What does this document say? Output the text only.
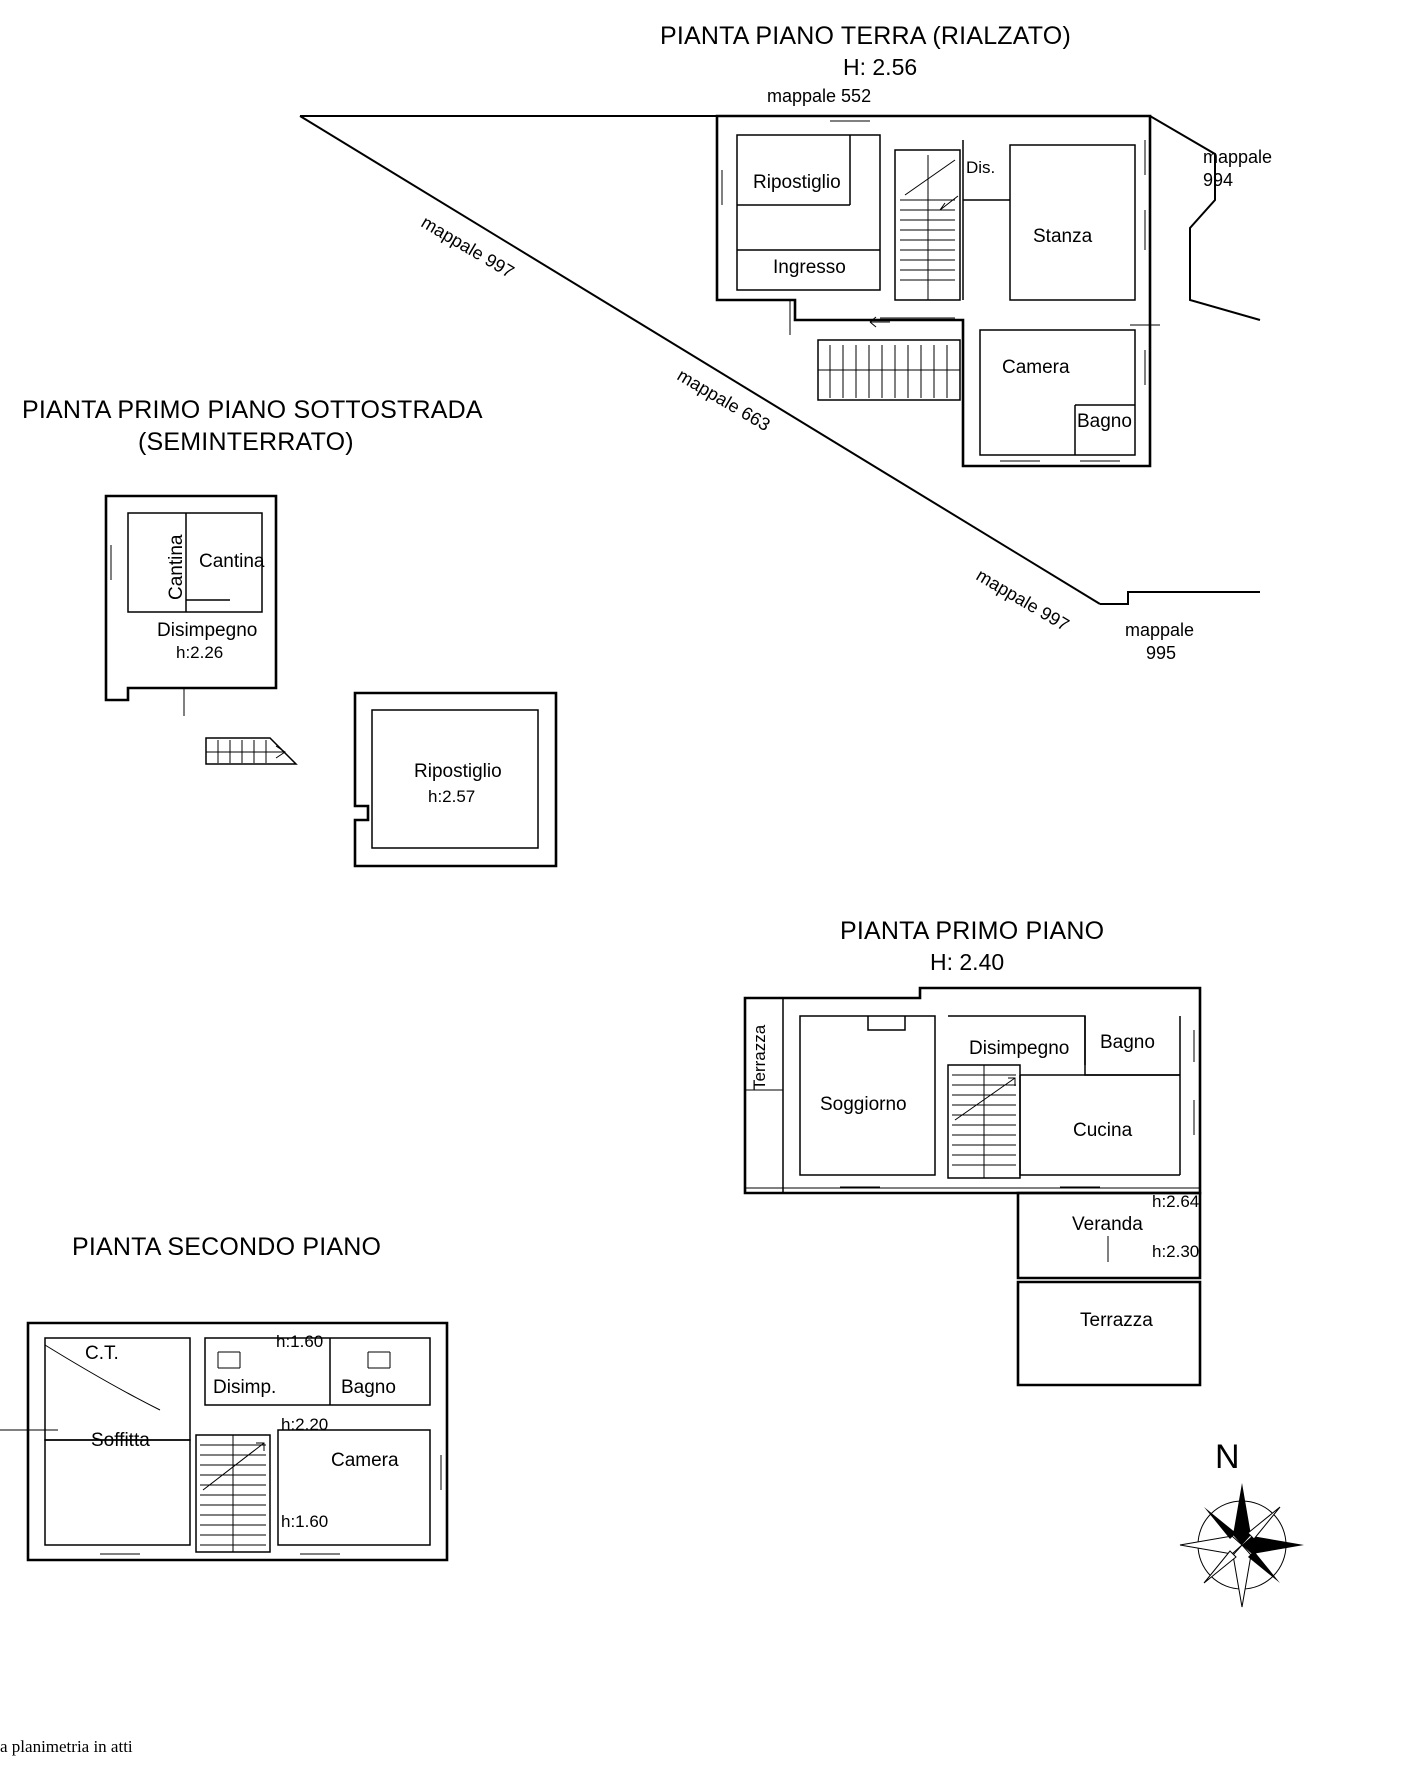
PIANTA PIANO TERRA (RIALZATO)
H: 2.56
mappale 552
Ripostiglio
Ingresso
Dis.
Stanza
Camera
Bagno
mappale 997
mappale 663
mappale 997
mappale
994
mappale
995
PIANTA PRIMO PIANO SOTTOSTRADA
(SEMINTERRATO)
Cantina Cantina
Disimpegno
h:2.26
Ripostiglio
h:2.57
PIANTA PRIMO PIANO
H: 2.40
Terrazza
Soggiorno
Disimpegno Bagno
Cucina
h:2.64
Veranda
h:2.30
Terrazza
PIANTA SECONDO PIANO
C.T.
Disimp.	Bagno
h:1.60
Soffitta
h:2.20
Camera
h:1.60
N
a planimetria in atti
